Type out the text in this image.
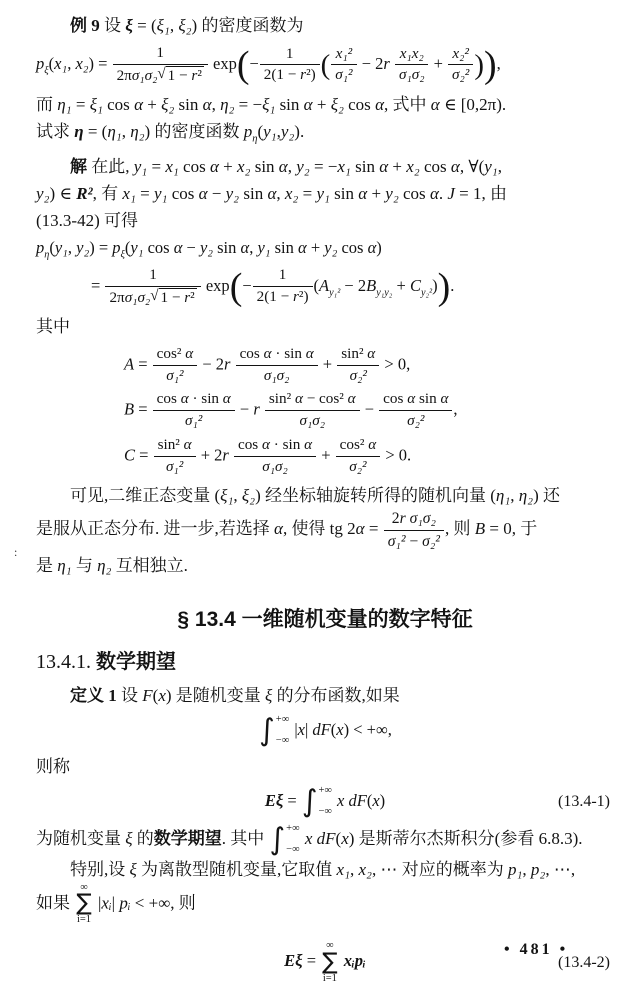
例 9 设 ξ = (ξ₁, ξ₂) 的密度函数为
$p_\xi(x_1$, $x_2) = \frac{1}{\text{2πσ₁σ₂ √ 1 − r²}} \exp(- \frac{1}{\text{2(1 − r²)}}$ ( $\frac{\text{x₁²}}{\text{σ₁²}} - 2r \frac{\text{x₁x₂}}{\text{σ₁σ₂}} + \frac{\text{x₂²}}{\text{σ₂²}}$ )),
而 η₁ = ξ₁ cos α + ξ₂ sin α, η₂ = −ξ₁ sin α + ξ₂ cos α, 式中 α ∈ [0,2π).
试求 η = (η₁, η₂) 的密度函数 $p_\eta(y_1,y_2)$.
解 在此, y₁ = x₁ cos α + x₂ sin α, y₂ = −x₁ sin α + x₂ cos α, ∀(y₁,
y₂) ∈ R², 有 x₁ = y₁ cos α − y₂ sin α, x₂ = y₁ sin α + y₂ cos α. J = 1, 由
(13.3-42) 可得
$p_\eta(y_1$, $y_2) = p_\xi(y_1$ cos α − y₂ sin α, y₁ sin α + y₂ cos α)
= $\frac{1}{\text{2πσ₁σ₂ √ 1 − r²}} \exp(- \frac{1}{\text{2(1 − r²)}} (A_{y_1^2} - 2B_{y_1y_2} + C_{y_2^2}))$.
其中
$A = \frac{\text{cos² α}}{\text{σ₁²}} - 2r \frac{\text{cos α · sin α}}{\text{σ₁σ₂}} + \frac{\text{sin² α}}{\text{σ₂²}} > 0$,
$B = \frac{\text{cos α · sin α}}{\text{σ₁²}} - r \frac{\text{sin² α − cos² α}}{\text{σ₁σ₂}} - \frac{\text{cos α sin α}}{\text{σ₂²}}$ ,
$C = \frac{\text{sin² α}}{\text{σ₁²}} + 2r \frac{\text{cos α · sin α}}{\text{σ₁σ₂}} + \frac{\text{cos² α}}{\text{σ₂²}} > 0$.
可见,二维正态变量 (ξ₁, ξ₂) 经坐标轴旋转所得的随机向量 (η₁, η₂) 还
是服从正态分布. 进一步,若选择 α, 使得 tg $2\alpha = \frac{\text{2r σ₁σ₂}}{\text{σ₁² − σ₂²}}$ , 则 B = 0, 于
是 η₁ 与 η₂ 互相独立.
§ 13.4 一维随机变量的数字特征
13.4.1. 数学期望
定义 1 设 F(x) 是随机变量 ξ 的分布函数,如果
∫ +∞
−∞
|x| dF(x) < +∞,
则称
Eξ = ∫ +∞
−∞
x dF(x)	(13.4-1)
为随机变量 ξ 的数学期望. 其中 ∫ +∞
−∞
x dF(x) 是斯蒂尔杰斯积分(参看 6.8.3).
特别,设 ξ 为离散型随机变量,它取值 x₁, x₂, ⋯ 对应的概率为 p₁, p₂, ⋯,
如果
∞
∑
i=1
|xᵢ| pᵢ < +∞, 则
Eξ =
∞
∑
i=1
xᵢpᵢ	(13.4-2)
• 481 •
:
